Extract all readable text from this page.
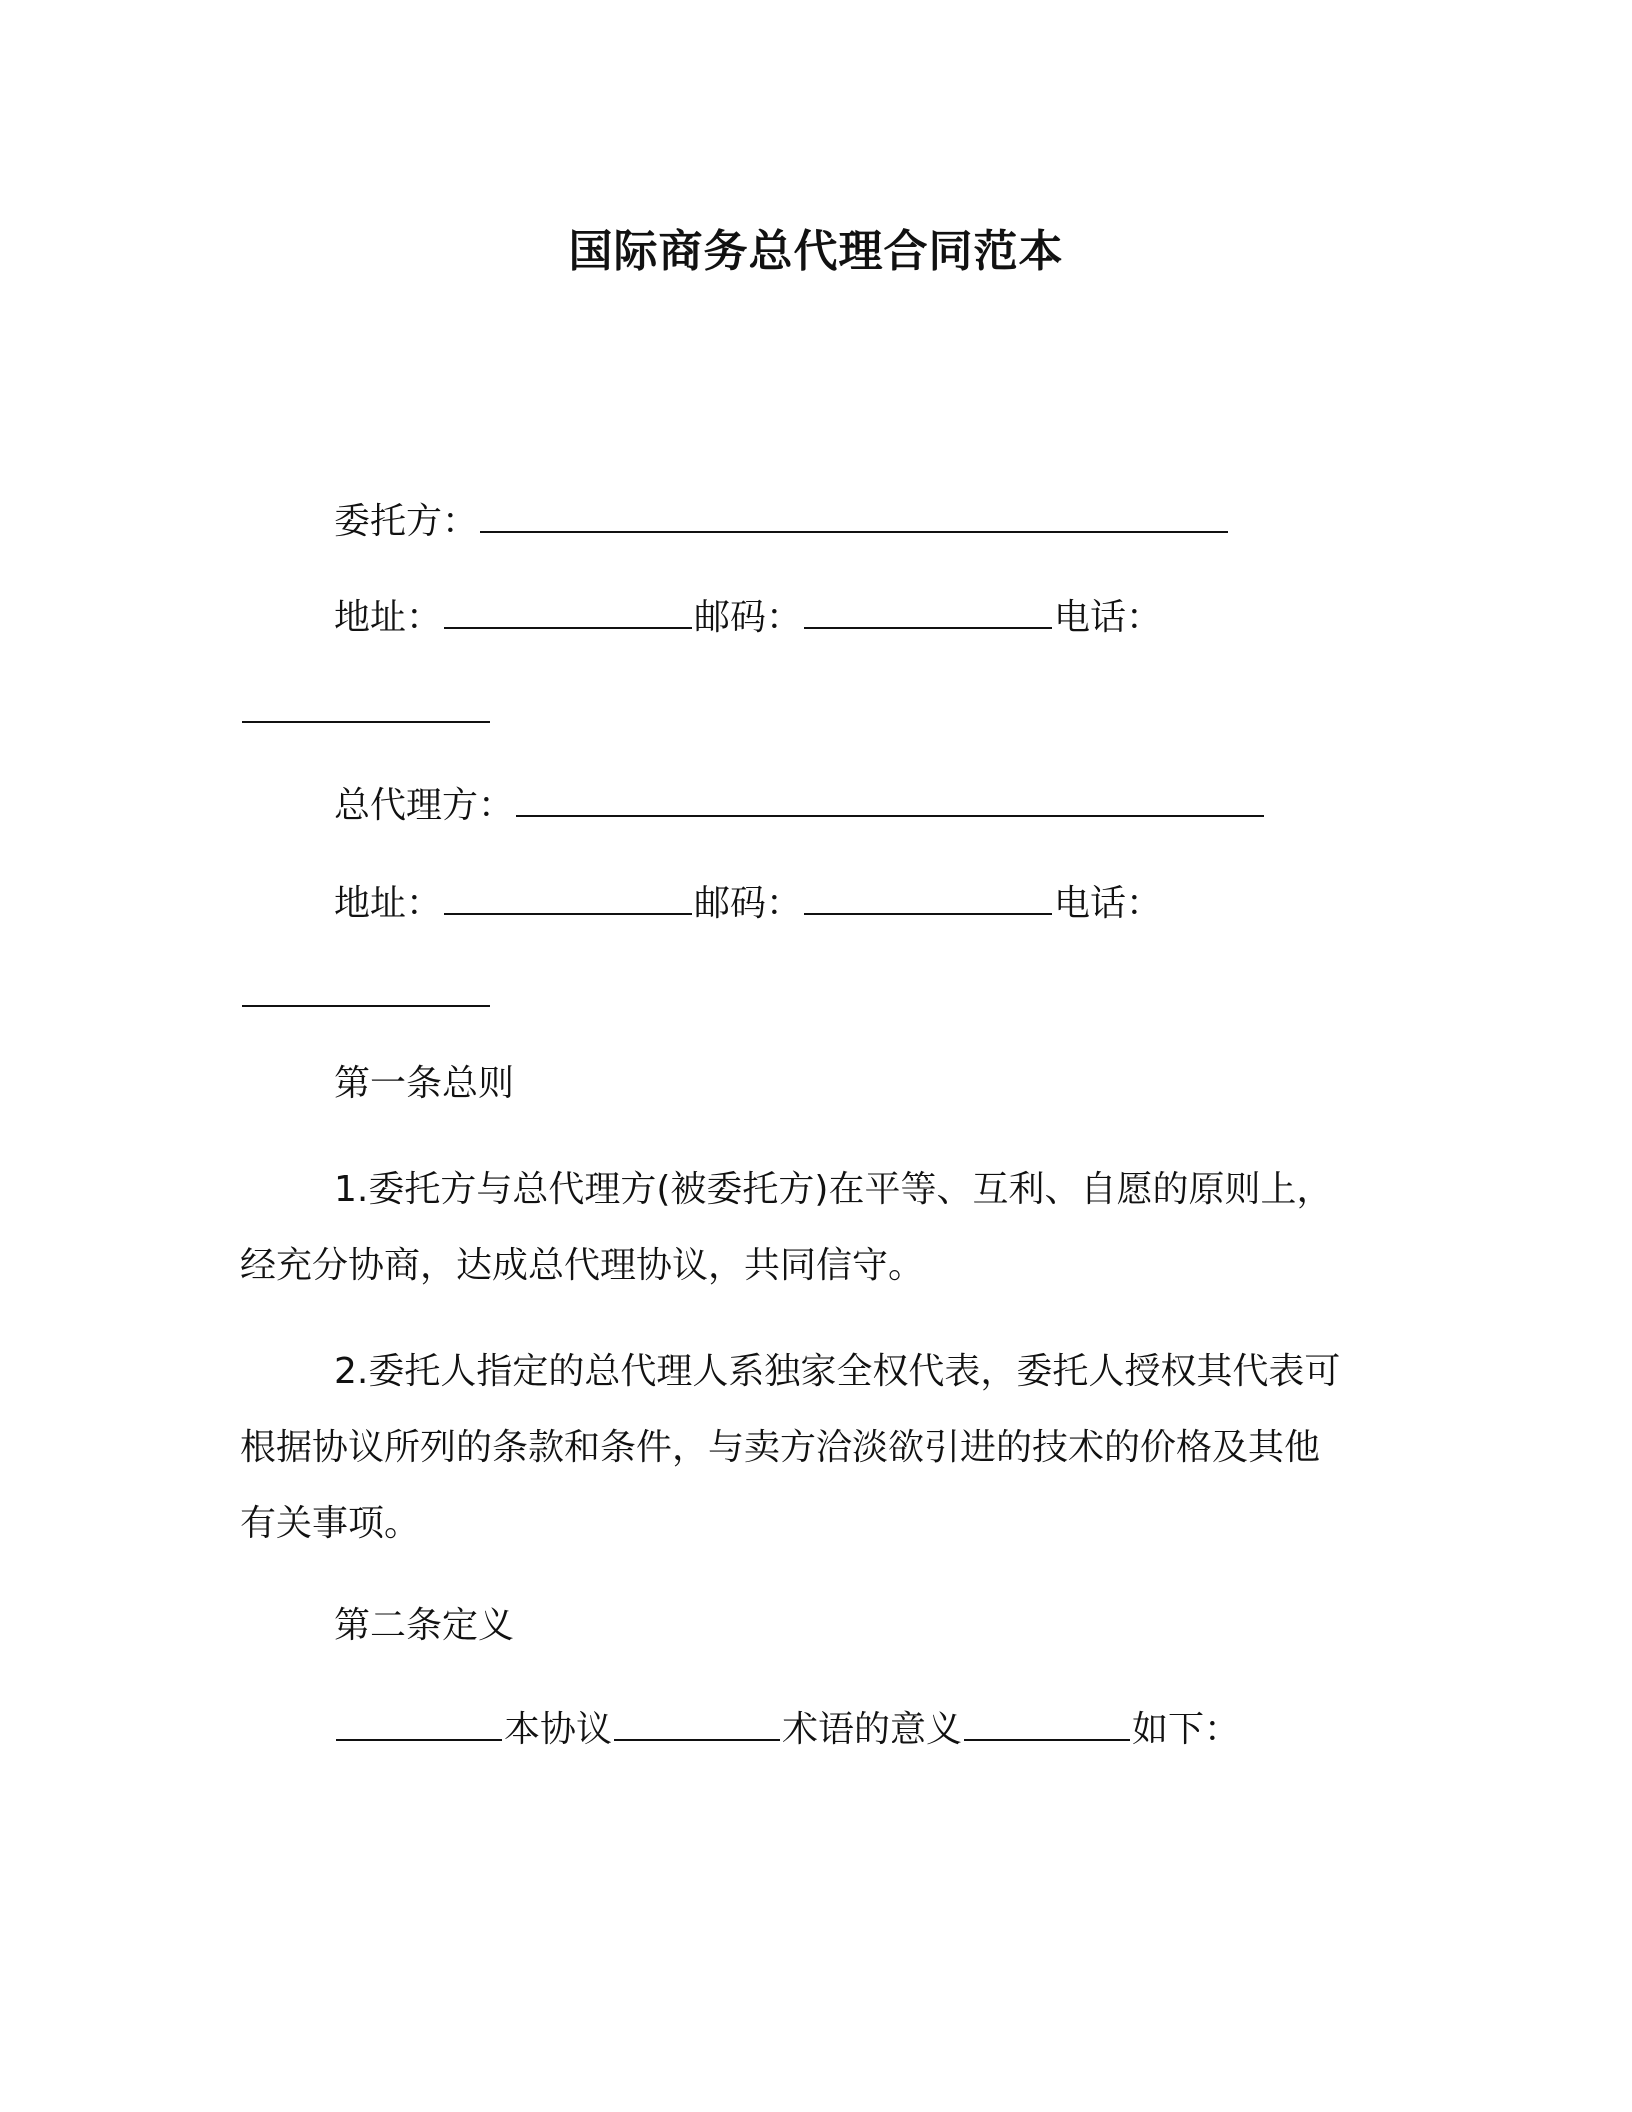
国际商务总代理合同范本
委托方：
地址：	邮码：	电话：
总代理方：
地址：	邮码：	电话：
第一条总则
1.委托方与总代理方(被委托方)在平等、互利、自愿的原则上，
经充分协商，达成总代理协议，共同信守。
2.委托人指定的总代理人系独家全权代表，委托人授权其代表可
根据协议所列的条款和条件，与卖方洽淡欲引进的技术的价格及其他
有关事项。
第二条定义
本协议	术语的意义	如下：
